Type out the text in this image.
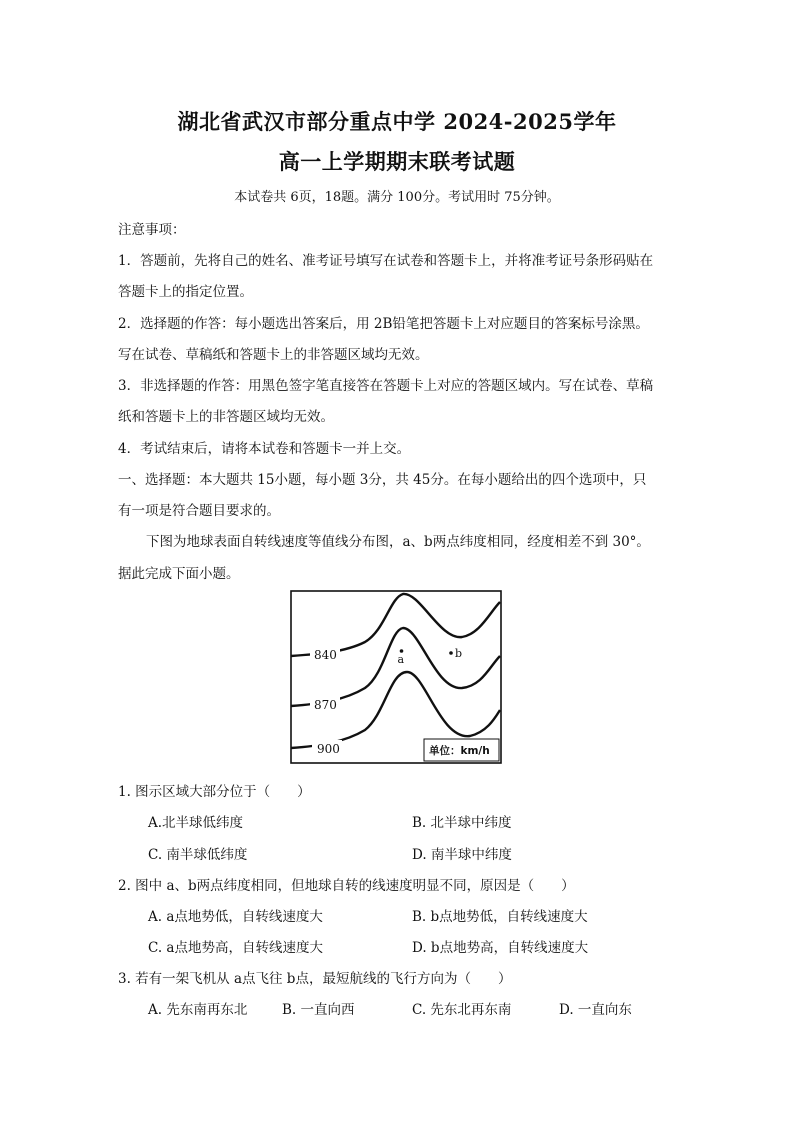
湖北省武汉市部分重点中学 2024-2025学年
高一上学期期末联考试题
本试卷共 6页，18题。满分 100分。考试用时 75分钟。
注意事项：
1．答题前，先将自己的姓名、准考证号填写在试卷和答题卡上，并将准考证号条形码贴在
答题卡上的指定位置。
2．选择题的作答：每小题选出答案后，用 2B铅笔把答题卡上对应题目的答案标号涂黑。
写在试卷、草稿纸和答题卡上的非答题区域均无效。
3．非选择题的作答：用黑色签字笔直接答在答题卡上对应的答题区域内。写在试卷、草稿
纸和答题卡上的非答题区域均无效。
4．考试结束后，请将本试卷和答题卡一并上交。
一、选择题：本大题共 15小题，每小题 3分，共 45分。在每小题给出的四个选项中，只
有一项是符合题目要求的。
下图为地球表面自转线速度等值线分布图，a、b两点纬度相同，经度相差不到 30°。
据此完成下面小题。
840
870
900
a	b
单位：km/h
1. 图示区域大部分位于（　　）
A.北半球低纬度	B. 北半球中纬度
C. 南半球低纬度	D. 南半球中纬度
2. 图中 a、b两点纬度相同，但地球自转的线速度明显不同，原因是（　　）
A. a点地势低，自转线速度大	B. b点地势低，自转线速度大
C. a点地势高，自转线速度大	D. b点地势高，自转线速度大
3. 若有一架飞机从 a点飞往 b点，最短航线的飞行方向为（　　）
A. 先东南再东北	B. 一直向西	C. 先东北再东南	D. 一直向东
